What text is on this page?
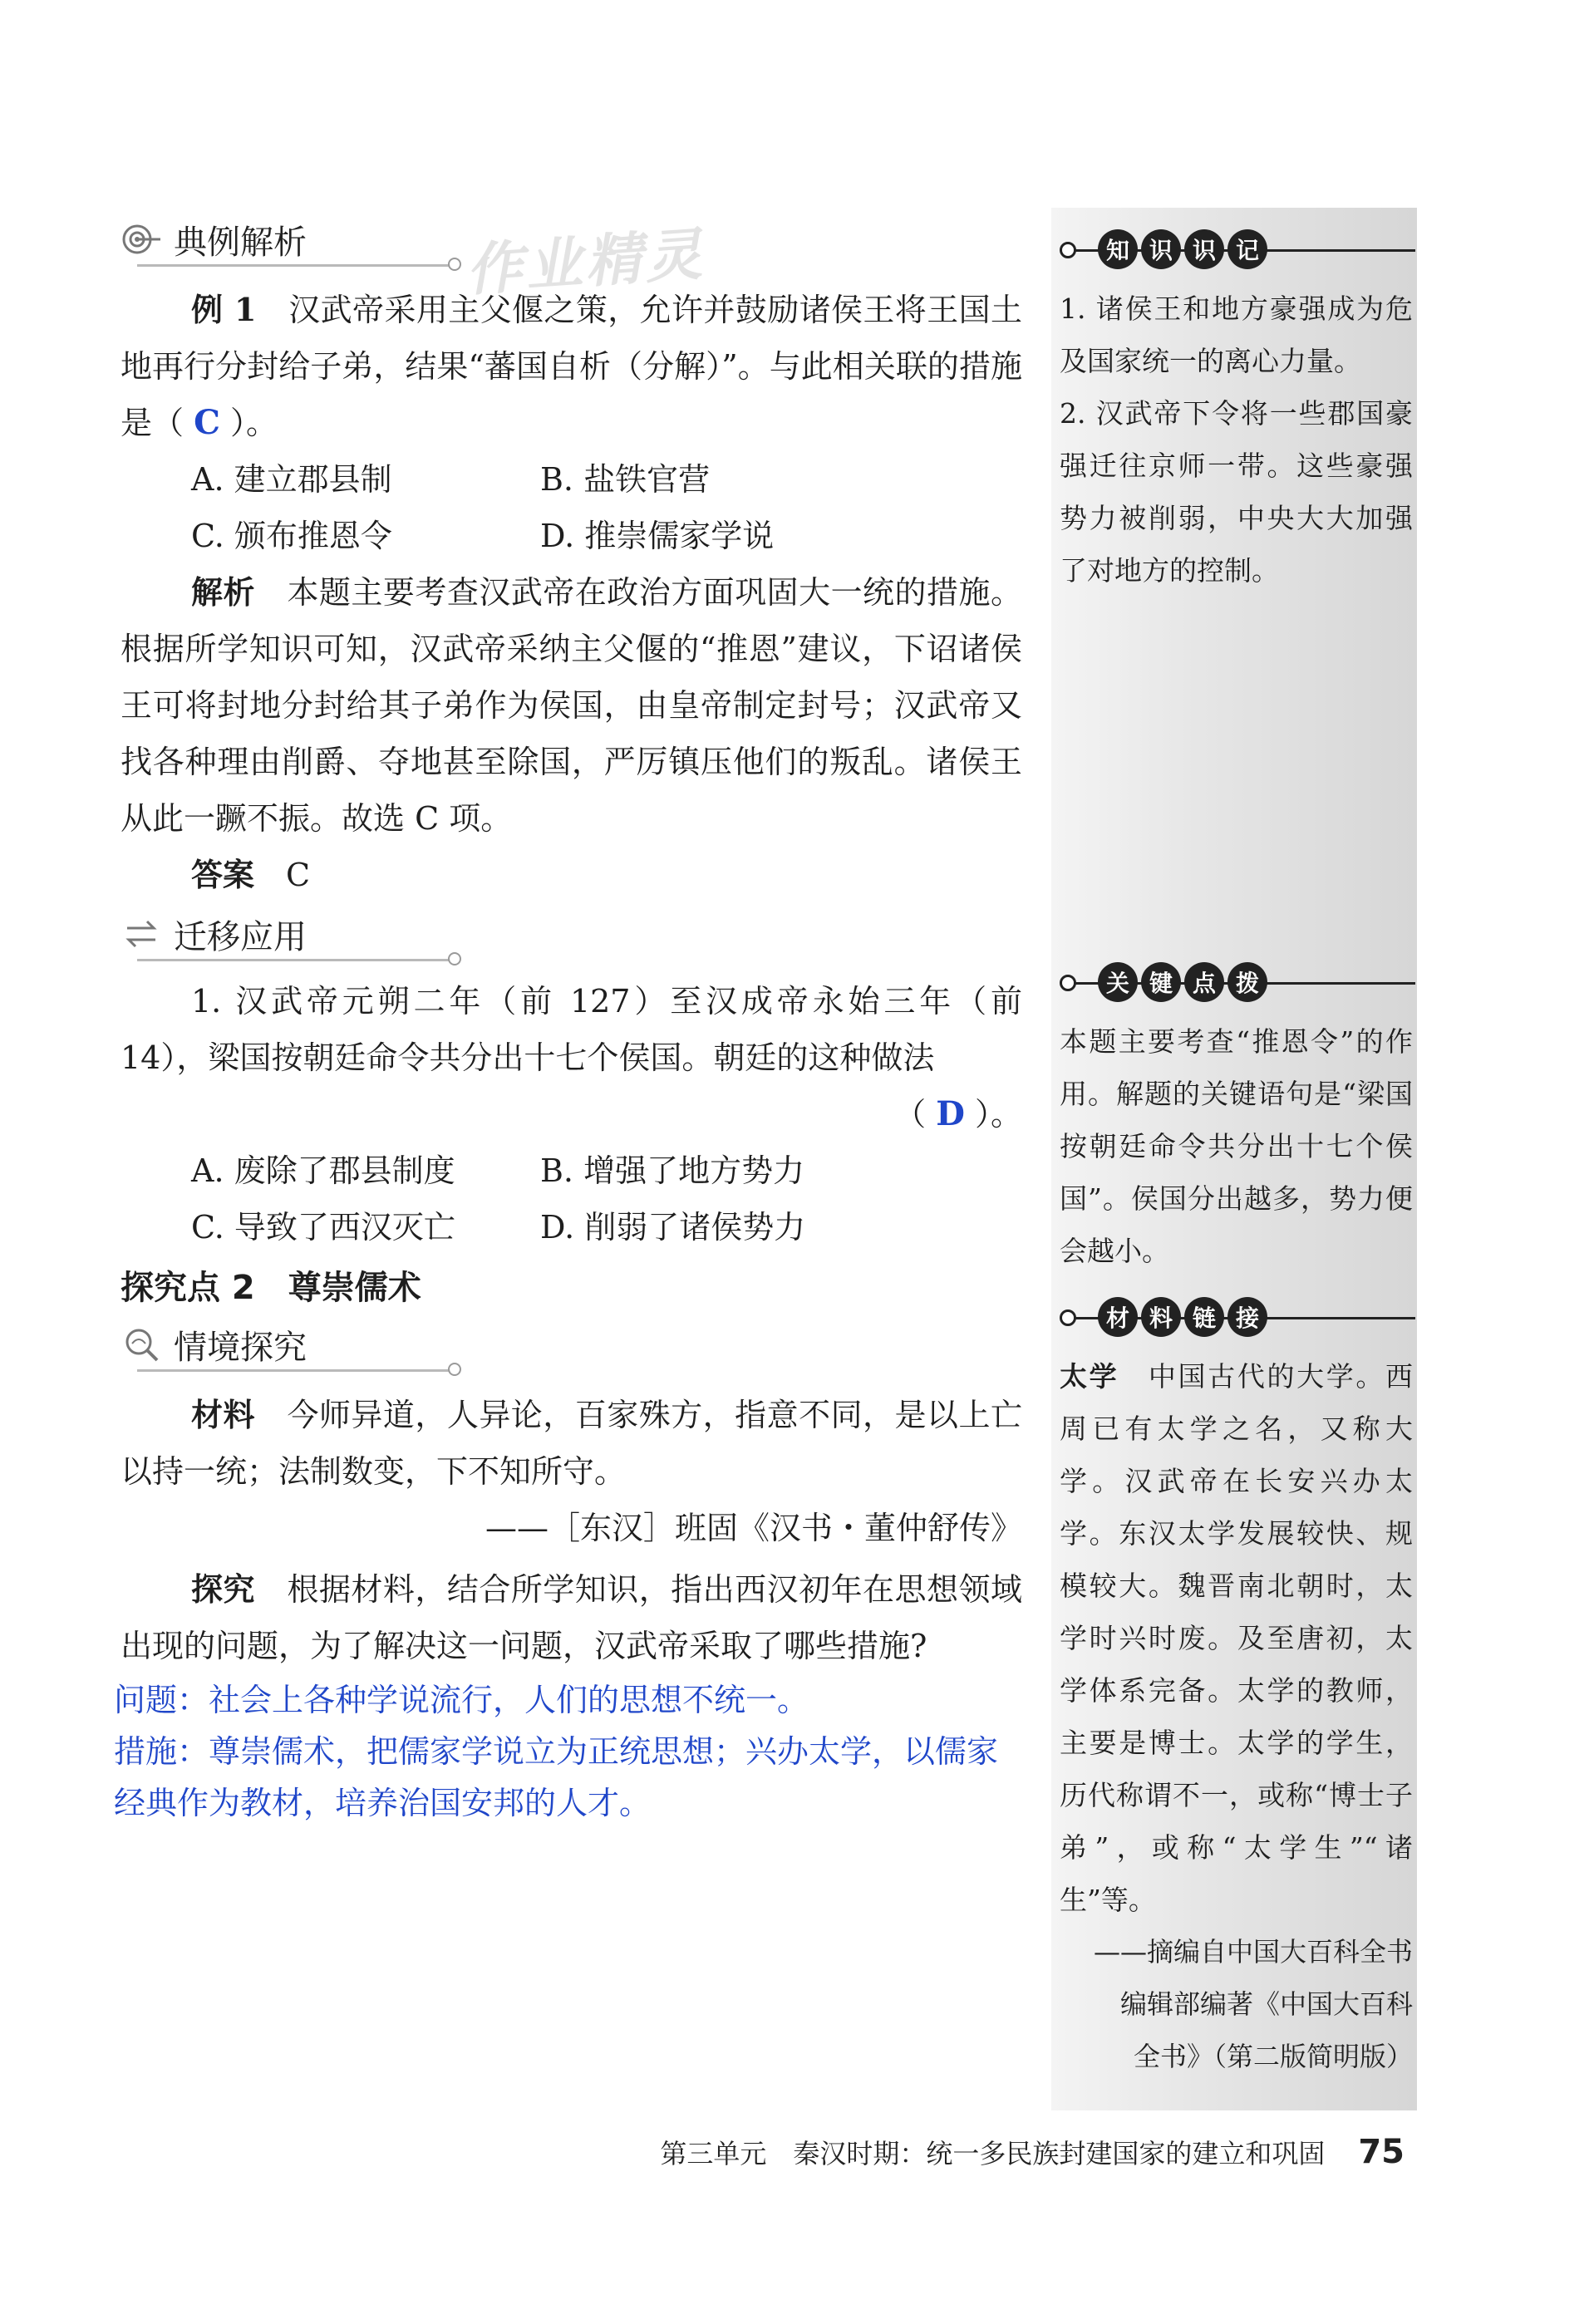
作业精灵
典例解析

例 1　 汉武帝采用主父偃之策，允许并鼓励诸侯王将王国土地再行分封给子弟，结果“蕃国自析（分解）”。与此相关联的措施是（ C ）。

A. 建立郡县制	B. 盐铁官营
C. 颁布推恩令	D. 推崇儒家学说

解析　 本题主要考查汉武帝在政治方面巩固大一统的措施。根据所学知识可知，汉武帝采纳主父偃的“推恩”建议，下诏诸侯王可将封地分封给其子弟作为侯国，由皇帝制定封号；汉武帝又找各种理由削爵、夺地甚至除国，严厉镇压他们的叛乱。诸侯王从此一蹶不振。故选 C 项。

答案　 C

迁移应用

1. 汉武帝元朔二年（前 127）至汉成帝永始三年（前 14），梁国按朝廷命令共分出十七个侯国。朝廷的这种做法

（ D ）。

A. 废除了郡县制度	B. 增强了地方势力
C. 导致了西汉灭亡	D. 削弱了诸侯势力

探究点 2　尊崇儒术

情境探究

材料　 今师异道，人异论，百家殊方，指意不同，是以上亡以持一统；法制数变，下不知所守。

——［东汉］班固《汉书・董仲舒传》

探究　 根据材料，结合所学知识，指出西汉初年在思想领域出现的问题，为了解决这一问题，汉武帝采取了哪些措施?

问题：社会上各种学说流行，人们的思想不统一。

措施：尊崇儒术，把儒家学说立为正统思想；兴办太学，以儒家经典作为教材，培养治国安邦的人才。

知 识 识 记

1. 诸侯王和地方豪强成为危及国家统一的离心力量。

2. 汉武帝下令将一些郡国豪强迁往京师一带。这些豪强势力被削弱，中央大大加强了对地方的控制。

关 键 点 拨

本题主要考查“推恩令”的作用。解题的关键语句是“梁国按朝廷命令共分出十七个侯国”。侯国分出越多，势力便会越小。

材 料 链 接

太学　 中国古代的大学。西周已有太学之名，又称大学。汉武帝在长安兴办太学。东汉太学发展较快、规模较大。魏晋南北朝时，太学时兴时废。及至唐初，太学体系完备。太学的教师，主要是博士。太学的学生，历代称谓不一，或称“博士子弟”，或称“太学生”“诸生”等。

——摘编自中国大百科全书

编辑部编著《中国大百科

全书》（第二版简明版）

第三单元　秦汉时期：统一多民族封建国家的建立和巩固 75
